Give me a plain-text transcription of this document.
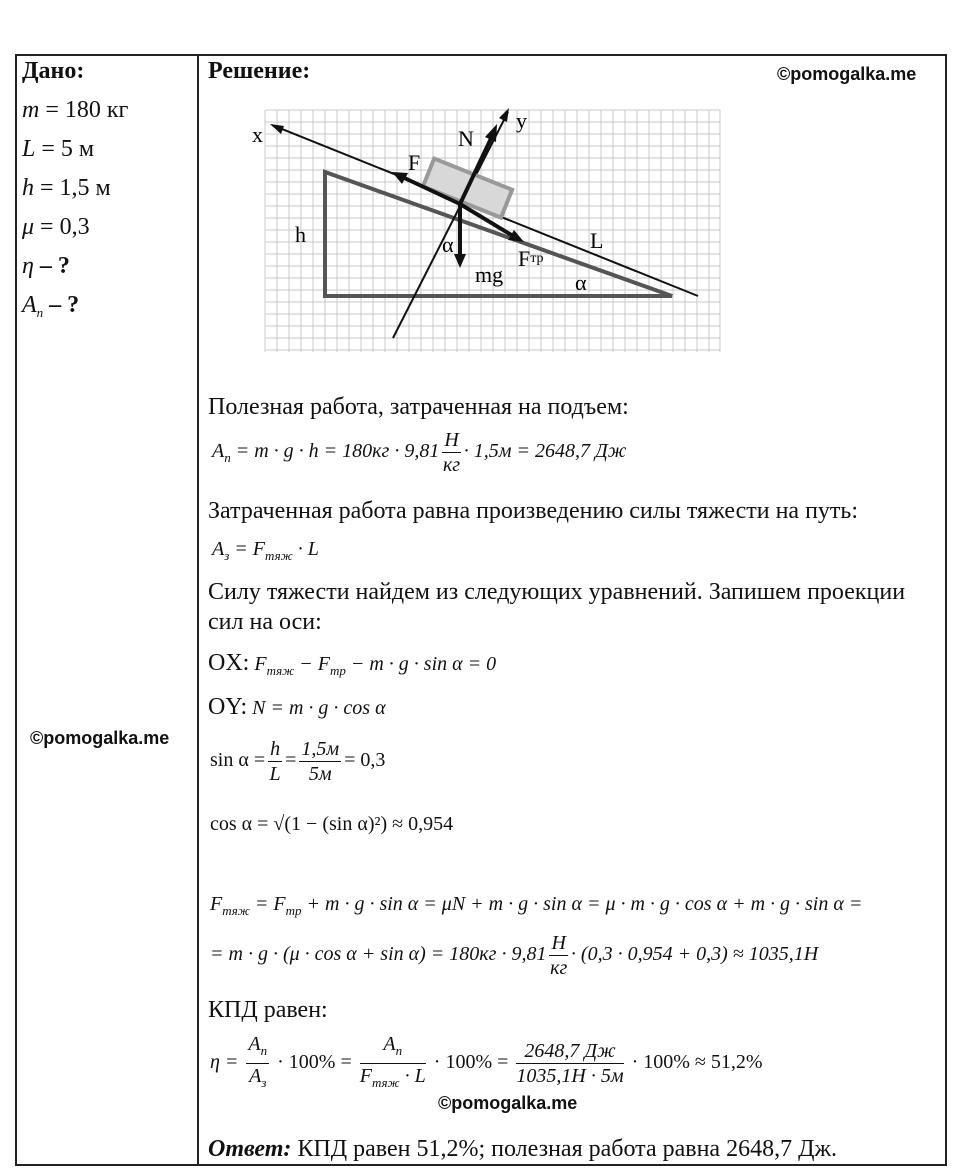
Дано:
m = 180 кг
L = 5 м
h = 1,5 м
μ = 0,3
η – ?
$A_п$ – ?
©pomogalka.me
©pomogalka.me
©pomogalka.me
Решение:
x
y
N
F
h	α	L
mg
Fтр
α
Полезная работа, затраченная на подъем:
$A_п = m \cdot g \cdot h = 180кг \cdot 9,81 \frac{Н}{кг} \cdot 1,5м = 2648,7$ Дж
Затраченная работа равна произведению силы тяжести на путь:
$A_з = F_{тяж} \cdot L$
Силу тяжести найдем из следующих уравнений. Запишем проекции сил на оси:
OX: $F_{тяж} - F_{тр} - m \cdot g \cdot \sin \alpha = 0$
OY: N = m · g · cos α
$\sin \alpha = \frac{h}{L} = \frac{1,5м}{5м} = 0,3$
cos α = √(1 − (sin α)²) ≈ 0,954
$F_{тяж} = F_{тр} + m \cdot g \cdot \sin \alpha = \mu N + m \cdot g \cdot \sin \alpha = \mu \cdot m \cdot g \cdot \cos \alpha + m \cdot g \cdot \sin \alpha$ =
= $m \cdot g \cdot (\mu \cdot \cos \alpha + \sin \alpha) = 180кг \cdot 9,81 \frac{Н}{кг} \cdot (0,3 \cdot 0,954 + 0,3) \approx 1035,1Н$
КПД равен:
$\eta = \frac{A_п}{A_з} \cdot 100\% = \frac{A_п}{F_{тяж} \cdot L} \cdot 100\% = \frac{2648,7 Дж}{1035,1Н \cdot 5м} \cdot 100\% \approx 51,2\%$
Ответ: КПД равен 51,2%; полезная работа равна 2648,7 Дж.
